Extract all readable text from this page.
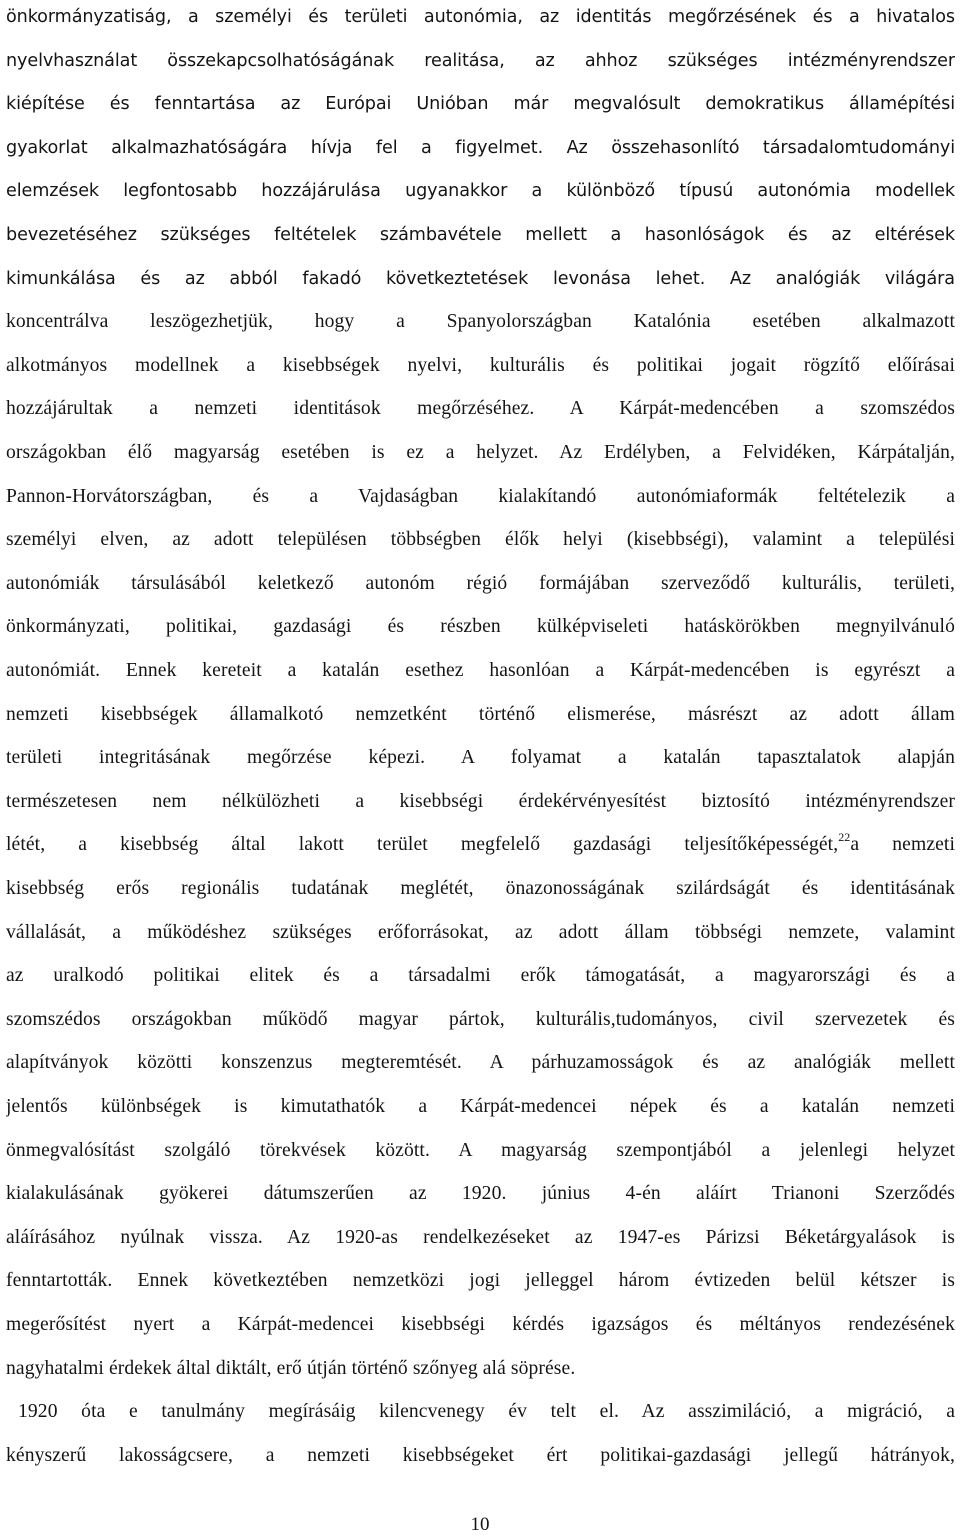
önkormányzatiság, a személyi és területi autonómia, az identitás megőrzésének és a hivatalos
nyelvhasználat összekapcsolhatóságának realitása, az ahhoz szükséges intézményrendszer
kiépítése és fenntartása az Európai Unióban már megvalósult demokratikus államépítési
gyakorlat alkalmazhatóságára hívja fel a figyelmet. Az összehasonlító társadalomtudományi
elemzések legfontosabb hozzájárulása ugyanakkor a különböző típusú autonómia modellek
bevezetéséhez szükséges feltételek számbavétele mellett a hasonlóságok és az eltérések
kimunkálása és az abból fakadó következtetések levonása lehet. Az analógiák világára
koncentrálva leszögezhetjük, hogy a Spanyolországban Katalónia esetében alkalmazott
alkotmányos modellnek a kisebbségek nyelvi, kulturális és politikai jogait rögzítő előírásai
hozzájárultak a nemzeti identitások megőrzéséhez. A Kárpát-medencében a szomszédos
országokban élő magyarság esetében is ez a helyzet. Az Erdélyben, a Felvidéken, Kárpátalján,
Pannon-Horvátországban, és a Vajdaságban kialakítandó autonómiaformák feltételezik a
személyi elven, az adott településen többségben élők helyi (kisebbségi), valamint a települési
autonómiák társulásából keletkező autonóm régió formájában szerveződő kulturális, területi,
önkormányzati, politikai, gazdasági és részben külképviseleti hatáskörökben megnyilvánuló
autonómiát. Ennek kereteit a katalán esethez hasonlóan a Kárpát-medencében is egyrészt a
nemzeti kisebbségek államalkotó nemzetként történő elismerése, másrészt az adott állam
területi integritásának megőrzése képezi. A folyamat a katalán tapasztalatok alapján
természetesen nem nélkülözheti a kisebbségi érdekérvényesítést biztosító intézményrendszer
létét, a kisebbség által lakott terület megfelelő gazdasági teljesítőképességét,$^{22}$a nemzeti
kisebbség erős regionális tudatának meglétét, önazonosságának szilárdságát és identitásának
vállalását, a működéshez szükséges erőforrásokat, az adott állam többségi nemzete, valamint
az uralkodó politikai elitek és a társadalmi erők támogatását, a magyarországi és a
szomszédos országokban működő magyar pártok, kulturális,tudományos, civil szervezetek és
alapítványok közötti konszenzus megteremtését. A párhuzamosságok és az analógiák mellett
jelentős különbségek is kimutathatók a Kárpát-medencei népek és a katalán nemzeti
önmegvalósítást szolgáló törekvések között. A magyarság szempontjából a jelenlegi helyzet
kialakulásának gyökerei dátumszerűen az 1920. június 4-én aláírt Trianoni Szerződés
aláírásához nyúlnak vissza. Az 1920-as rendelkezéseket az 1947-es Párizsi Béketárgyalások is
fenntartották. Ennek következtében nemzetközi jogi jelleggel három évtizeden belül kétszer is
megerősítést nyert a Kárpát-medencei kisebbségi kérdés igazságos és méltányos rendezésének
nagyhatalmi érdekek által diktált, erő útján történő szőnyeg alá söprése.
1920 óta e tanulmány megírásáig kilencvenegy év telt el. Az asszimiláció, a migráció, a
kényszerű lakosságcsere, a nemzeti kisebbségeket ért politikai-gazdasági jellegű hátrányok,
10
